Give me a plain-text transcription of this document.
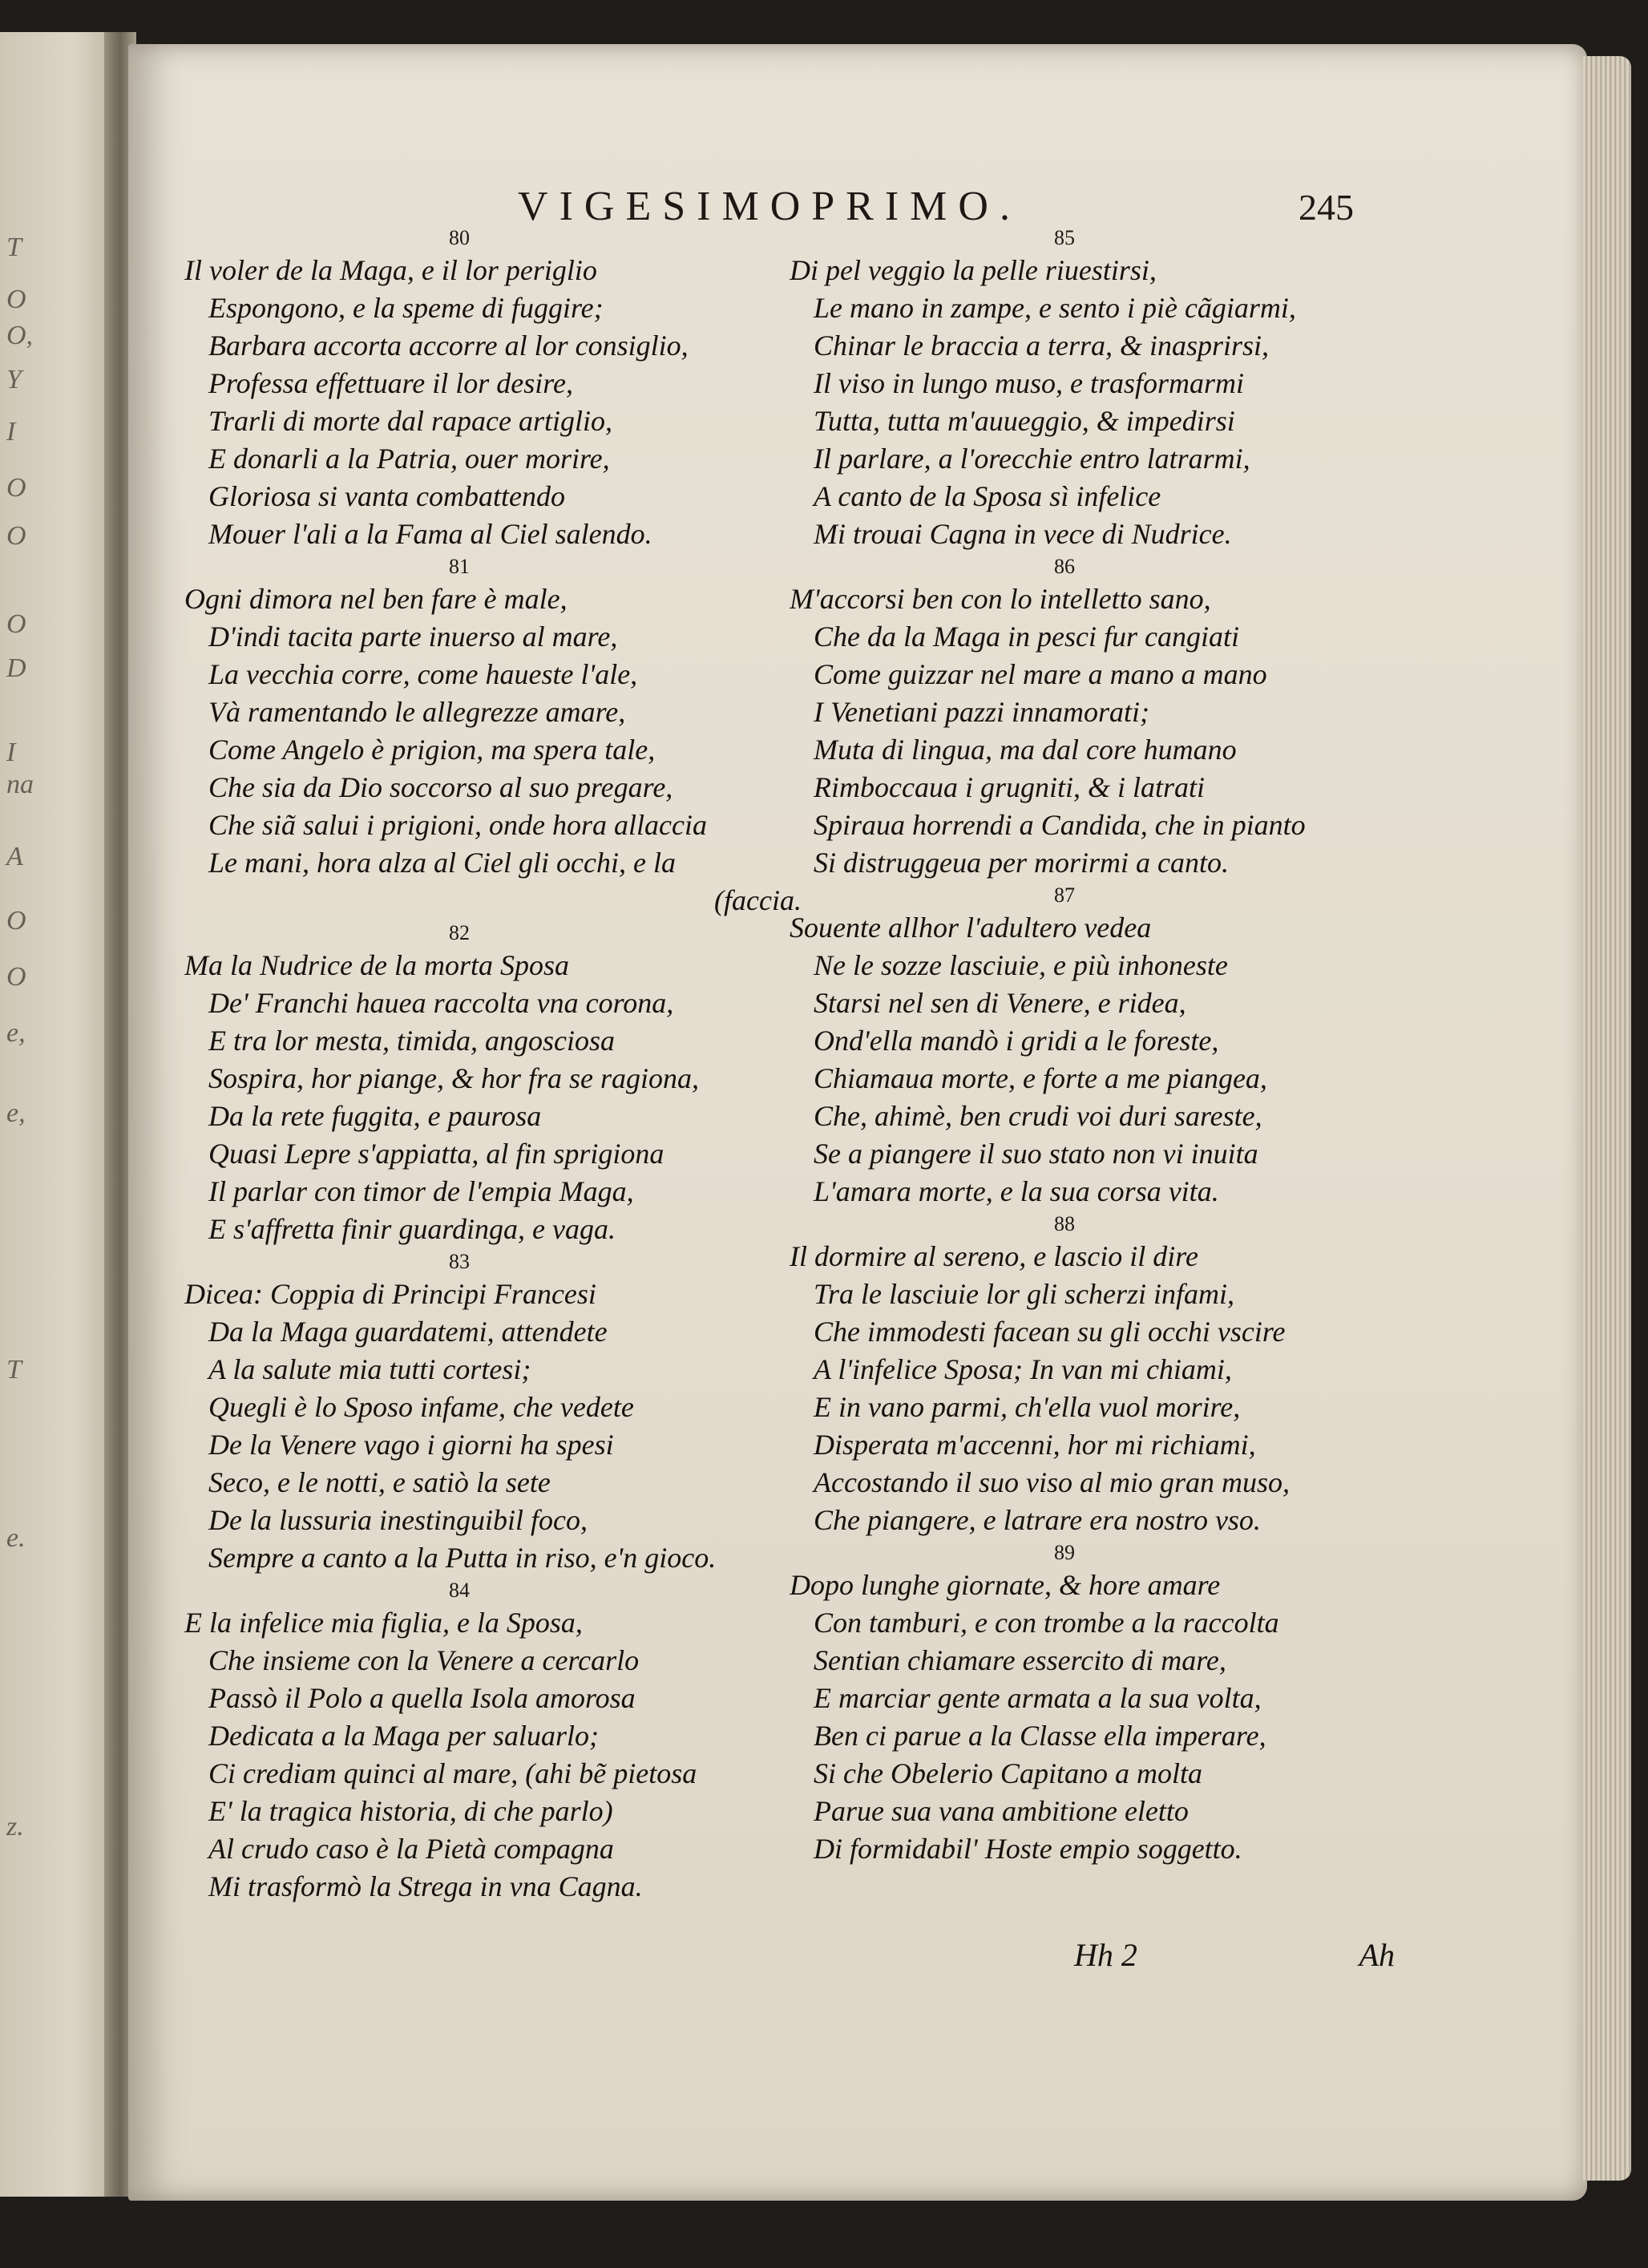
T
O
O,
Y
I
O
O
O
D
I
na
A
O
O
e,
e,
T
e.
z.
VIGESIMOPRIMO.	245
80
Il voler de la Maga, e il lor periglio
Espongono, e la speme di fuggire;
Barbara accorta accorre al lor consiglio,
Professa effettuare il lor desire,
Trarli di morte dal rapace artiglio,
E donarli a la Patria, ouer morire,
Gloriosa si vanta combattendo
Mouer l'ali a la Fama al Ciel salendo.
81
Ogni dimora nel ben fare è male,
D'indi tacita parte inuerso al mare,
La vecchia corre, come haueste l'ale,
Và ramentando le allegrezze amare,
Come Angelo è prigion, ma spera tale,
Che sia da Dio soccorso al suo pregare,
Che siã salui i prigioni, onde hora allaccia
Le mani, hora alza al Ciel gli occhi, e la
(faccia.
82
Ma la Nudrice de la morta Sposa
De' Franchi hauea raccolta vna corona,
E tra lor mesta, timida, angosciosa
Sospira, hor piange, & hor fra se ragiona,
Da la rete fuggita, e paurosa
Quasi Lepre s'appiatta, al fin sprigiona
Il parlar con timor de l'empia Maga,
E s'affretta finir guardinga, e vaga.
83
Dicea: Coppia di Principi Francesi
Da la Maga guardatemi, attendete
A la salute mia tutti cortesi;
Quegli è lo Sposo infame, che vedete
De la Venere vago i giorni ha spesi
Seco, e le notti, e satiò la sete
De la lussuria inestinguibil foco,
Sempre a canto a la Putta in riso, e'n gioco.
84
E la infelice mia figlia, e la Sposa,
Che insieme con la Venere a cercarlo
Passò il Polo a quella Isola amorosa
Dedicata a la Maga per saluarlo;
Ci crediam quinci al mare, (ahi bẽ pietosa
E' la tragica historia, di che parlo)
Al crudo caso è la Pietà compagna
Mi trasformò la Strega in vna Cagna.
85
Di pel veggio la pelle riuestirsi,
Le mano in zampe, e sento i piè cãgiarmi,
Chinar le braccia a terra, & inasprirsi,
Il viso in lungo muso, e trasformarmi
Tutta, tutta m'auueggio, & impedirsi
Il parlare, a l'orecchie entro latrarmi,
A canto de la Sposa sì infelice
Mi trouai Cagna in vece di Nudrice.
86
M'accorsi ben con lo intelletto sano,
Che da la Maga in pesci fur cangiati
Come guizzar nel mare a mano a mano
I Venetiani pazzi innamorati;
Muta di lingua, ma dal core humano
Rimboccaua i grugniti, & i latrati
Spiraua horrendi a Candida, che in pianto
Si distruggeua per morirmi a canto.
87
Souente allhor l'adultero vedea
Ne le sozze lasciuie, e più inhoneste
Starsi nel sen di Venere, e ridea,
Ond'ella mandò i gridi a le foreste,
Chiamaua morte, e forte a me piangea,
Che, ahimè, ben crudi voi duri sareste,
Se a piangere il suo stato non vi inuita
L'amara morte, e la sua corsa vita.
88
Il dormire al sereno, e lascio il dire
Tra le lasciuie lor gli scherzi infami,
Che immodesti facean su gli occhi vscire
A l'infelice Sposa; In van mi chiami,
E in vano parmi, ch'ella vuol morire,
Disperata m'accenni, hor mi richiami,
Accostando il suo viso al mio gran muso,
Che piangere, e latrare era nostro vso.
89
Dopo lunghe giornate, & hore amare
Con tamburi, e con trombe a la raccolta
Sentian chiamare essercito di mare,
E marciar gente armata a la sua volta,
Ben ci parue a la Classe ella imperare,
Si che Obelerio Capitano a molta
Parue sua vana ambitione eletto
Di formidabil' Hoste empio soggetto.
Hh 2	Ah
